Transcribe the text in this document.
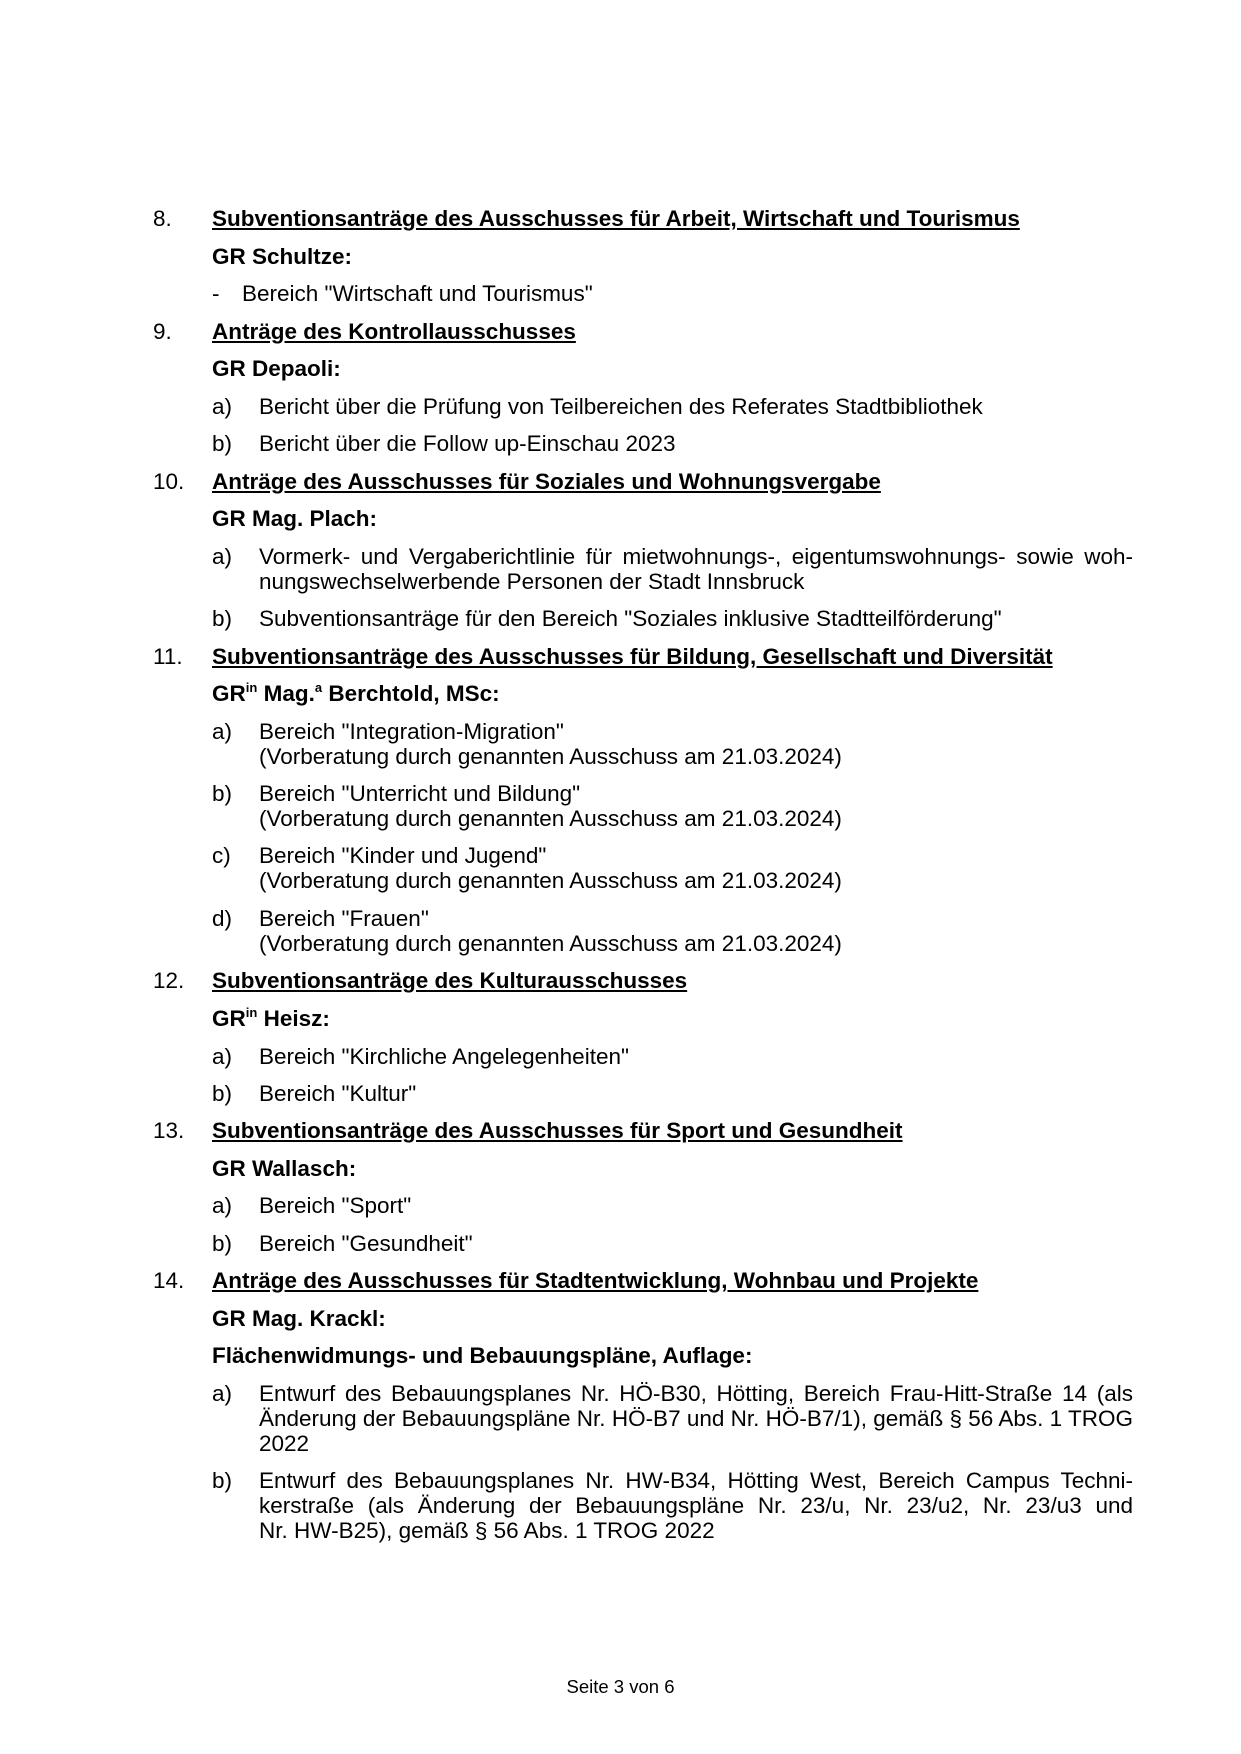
8. Subventionsanträge des Ausschusses für Arbeit, Wirtschaft und Tourismus
GR Schultze:
- Bereich "Wirtschaft und Tourismus"
9. Anträge des Kontrollausschusses
GR Depaoli:
a) Bericht über die Prüfung von Teilbereichen des Referates Stadtbibliothek
b) Bericht über die Follow up-Einschau 2023
10. Anträge des Ausschusses für Soziales und Wohnungsvergabe
GR Mag. Plach:
a) Vormerk- und Vergaberichtlinie für mietwohnungs-, eigentumswohnungs- sowie woh-
nungswechselwerbende Personen der Stadt Innsbruck
b) Subventionsanträge für den Bereich "Soziales inklusive Stadtteilförderung"
11. Subventionsanträge des Ausschusses für Bildung, Gesellschaft und Diversität
$GR^{in}$ Mag.$^a$ Berchtold, MSc:
a) Bereich "Integration-Migration"
(Vorberatung durch genannten Ausschuss am 21.03.2024)
b) Bereich "Unterricht und Bildung"
(Vorberatung durch genannten Ausschuss am 21.03.2024)
c) Bereich "Kinder und Jugend"
(Vorberatung durch genannten Ausschuss am 21.03.2024)
d) Bereich "Frauen"
(Vorberatung durch genannten Ausschuss am 21.03.2024)
12. Subventionsanträge des Kulturausschusses
$GR^{in}$ Heisz:
a) Bereich "Kirchliche Angelegenheiten"
b) Bereich "Kultur"
13. Subventionsanträge des Ausschusses für Sport und Gesundheit
GR Wallasch:
a) Bereich "Sport"
b) Bereich "Gesundheit"
14. Anträge des Ausschusses für Stadtentwicklung, Wohnbau und Projekte
GR Mag. Krackl:
Flächenwidmungs- und Bebauungspläne, Auflage:
a) Entwurf des Bebauungsplanes Nr. HÖ-B30, Hötting, Bereich Frau-Hitt-Straße 14 (als Änderung der Bebauungspläne Nr. HÖ-B7 und Nr. HÖ-B7/1), gemäß § 56 Abs. 1 TROG 2022
b) Entwurf des Bebauungsplanes Nr. HW-B34, Hötting West, Bereich Campus Techni-
kerstraße (als Änderung der Bebauungspläne Nr. 23/u, Nr. 23/u2, Nr. 23/u3 und
Nr. HW-B25), gemäß § 56 Abs. 1 TROG 2022
Seite 3 von 6
